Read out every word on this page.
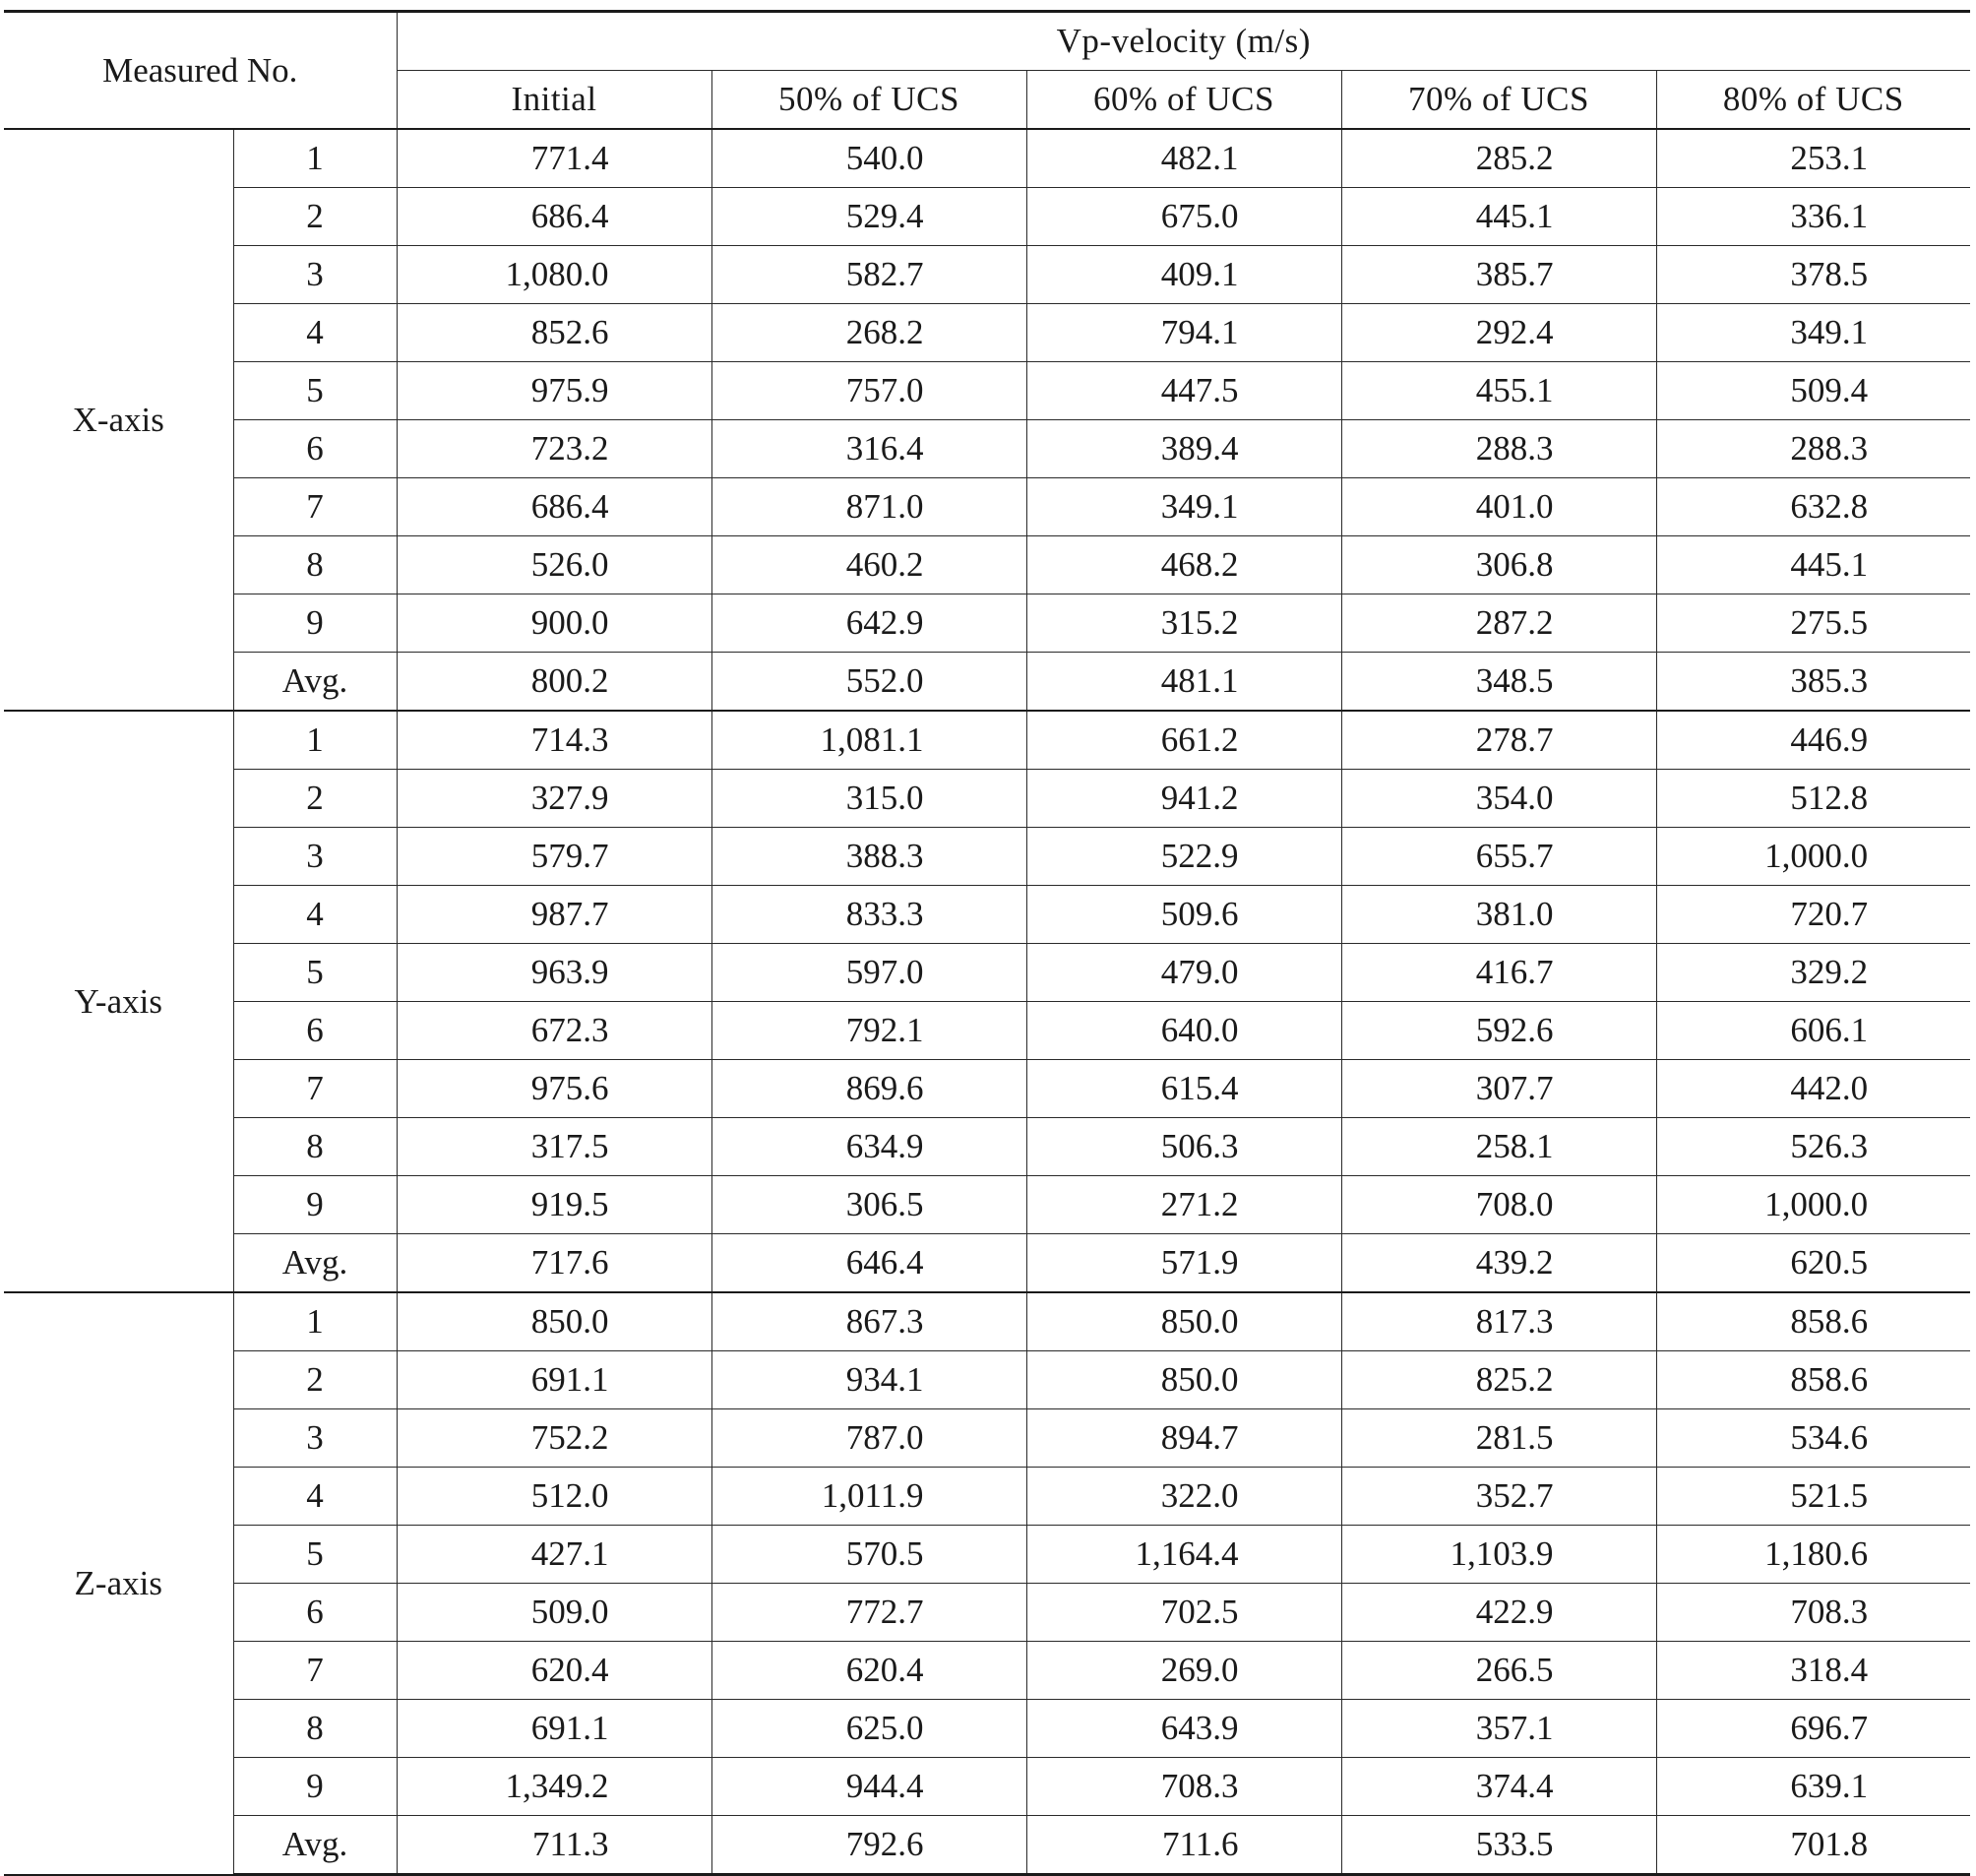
Measured No.		Vp-velocity (m/s)				
		Initial	50% of UCS	60% of UCS	70% of UCS	80% of UCS
X-axis	1	771.4	540.0	482.1	285.2	253.1
	2	686.4	529.4	675.0	445.1	336.1
	3	1,080.0	582.7	409.1	385.7	378.5
	4	852.6	268.2	794.1	292.4	349.1
	5	975.9	757.0	447.5	455.1	509.4
	6	723.2	316.4	389.4	288.3	288.3
	7	686.4	871.0	349.1	401.0	632.8
	8	526.0	460.2	468.2	306.8	445.1
	9	900.0	642.9	315.2	287.2	275.5
	Avg.	800.2	552.0	481.1	348.5	385.3
Y-axis	1	714.3	1,081.1	661.2	278.7	446.9
	2	327.9	315.0	941.2	354.0	512.8
	3	579.7	388.3	522.9	655.7	1,000.0
	4	987.7	833.3	509.6	381.0	720.7
	5	963.9	597.0	479.0	416.7	329.2
	6	672.3	792.1	640.0	592.6	606.1
	7	975.6	869.6	615.4	307.7	442.0
	8	317.5	634.9	506.3	258.1	526.3
	9	919.5	306.5	271.2	708.0	1,000.0
	Avg.	717.6	646.4	571.9	439.2	620.5
Z-axis	1	850.0	867.3	850.0	817.3	858.6
	2	691.1	934.1	850.0	825.2	858.6
	3	752.2	787.0	894.7	281.5	534.6
	4	512.0	1,011.9	322.0	352.7	521.5
	5	427.1	570.5	1,164.4	1,103.9	1,180.6
	6	509.0	772.7	702.5	422.9	708.3
	7	620.4	620.4	269.0	266.5	318.4
	8	691.1	625.0	643.9	357.1	696.7
	9	1,349.2	944.4	708.3	374.4	639.1
	Avg.	711.3	792.6	711.6	533.5	701.8
